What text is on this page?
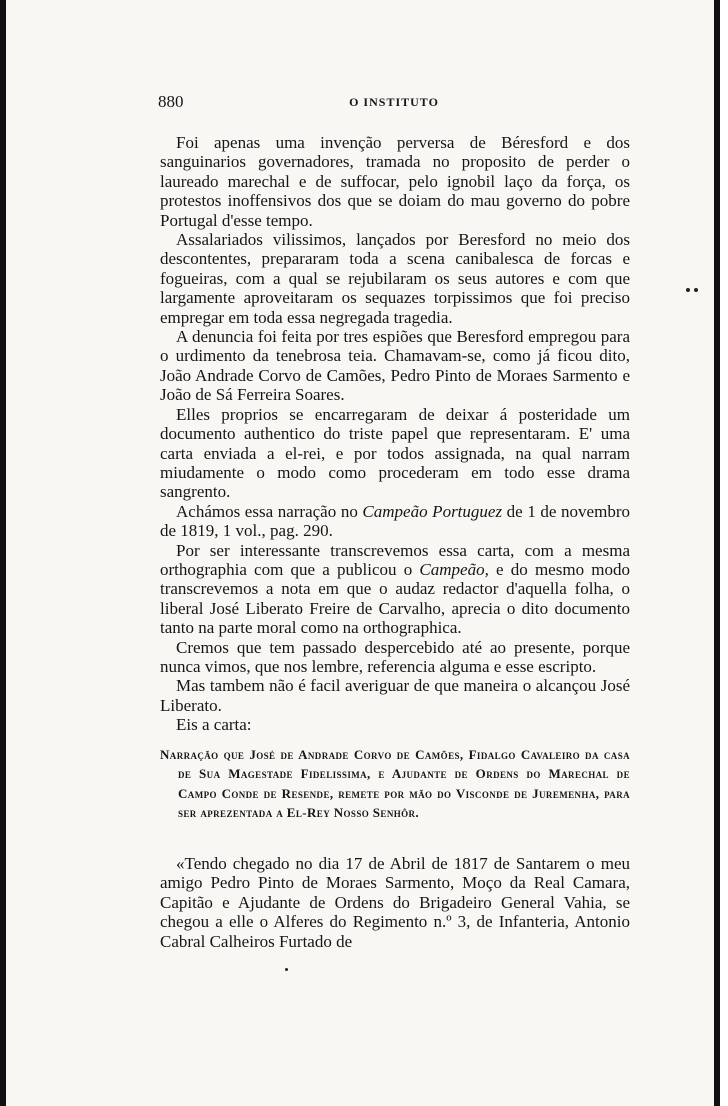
880	O INSTITUTO

Foi apenas uma invenção perversa de Béresford e dos sanguinarios governadores, tramada no proposito de perder o laureado marechal e de suffocar, pelo ignobil laço da força, os protestos inoffensivos dos que se doiam do mau governo do pobre Portugal d'esse tempo.

Assalariados vilissimos, lançados por Beresford no meio dos descontentes, prepararam toda a scena canibalesca de forcas e fogueiras, com a qual se rejubilaram os seus autores e com que largamente aproveitaram os sequazes torpissimos que foi preciso empregar em toda essa negregada tragedia.

A denuncia foi feita por tres espiões que Beresford empregou para o urdimento da tenebrosa teia. Chamavam-se, como já ficou dito, João Andrade Corvo de Camões, Pedro Pinto de Moraes Sarmento e João de Sá Ferreira Soares.

Elles proprios se encarregaram de deixar á posteridade um documento authentico do triste papel que representaram. E' uma carta enviada a el-rei, e por todos assignada, na qual narram miudamente o modo como procederam em todo esse drama sangrento.

Achámos essa narração no Campeão Portuguez de 1 de novembro de 1819, 1 vol., pag. 290.

Por ser interessante transcrevemos essa carta, com a mesma orthographia com que a publicou o Campeão, e do mesmo modo transcrevemos a nota em que o audaz redactor d'aquella folha, o liberal José Liberato Freire de Carvalho, aprecia o dito documento tanto na parte moral como na orthographica.

Cremos que tem passado despercebido até ao presente, porque nunca vimos, que nos lembre, referencia alguma e esse escripto.

Mas tambem não é facil averiguar de que maneira o alcançou José Liberato.

Eis a carta:

Narração que José de Andrade Corvo de Camões, Fidalgo Cavaleiro da casa de Sua Magestade Fidelissima, e Ajudante de Ordens do Marechal de Campo Conde de Resende, remete por mão do Visconde de Juremenha, para ser aprezentada a El-Rey Nosso Senhôr.

«Tendo chegado no dia 17 de Abril de 1817 de Santarem o meu amigo Pedro Pinto de Moraes Sarmento, Moço da Real Camara, Capitão e Ajudante de Ordens do Brigadeiro General Vahia, se chegou a elle o Alferes do Regimento n.º 3, de Infanteria, Antonio Cabral Calheiros Furtado de
